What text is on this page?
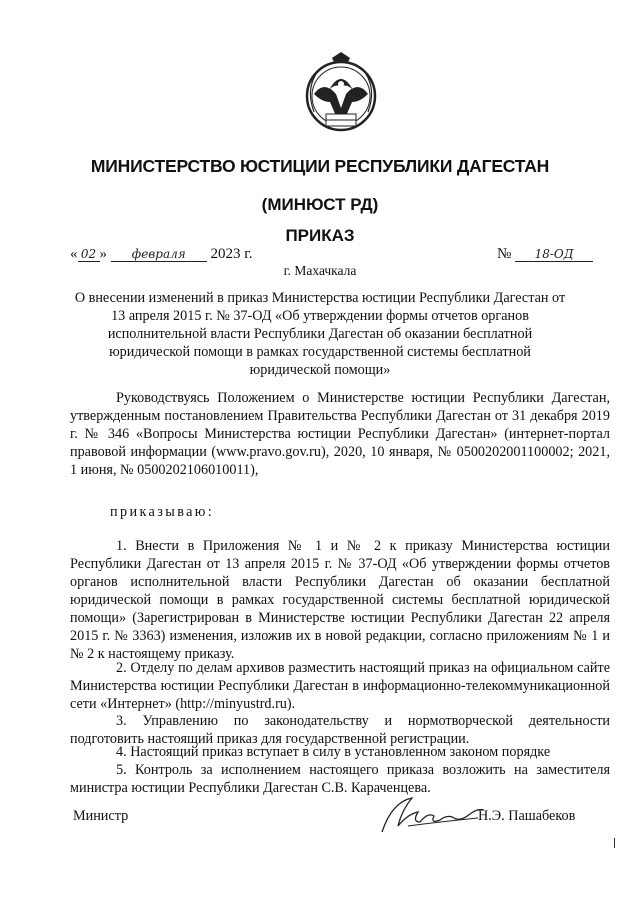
МИНИСТЕРСТВО ЮСТИЦИИ РЕСПУБЛИКИ ДАГЕСТАН
(МИНЮСТ РД)
ПРИКАЗ
« 02 » февраля 2023 г.	№ 18-ОД
г. Махачкала
О внесении изменений в приказ Министерства юстиции Республики Дагестан от 13 апреля 2015 г. № 37-ОД «Об утверждении формы отчетов органов исполнительной власти Республики Дагестан об оказании бесплатной юридической помощи в рамках государственной системы бесплатной юридической помощи»

Руководствуясь Положением о Министерстве юстиции Республики Дагестан, утвержденным постановлением Правительства Республики Дагестан от 31 декабря 2019 г. № 346 «Вопросы Министерства юстиции Республики Дагестан» (интернет-портал правовой информации (www.pravo.gov.ru), 2020, 10 января, № 0500202001100002; 2021, 1 июня, № 0500202106010011),

приказываю:

1. Внести в Приложения № 1 и № 2 к приказу Министерства юстиции Республики Дагестан от 13 апреля 2015 г. № 37-ОД «Об утверждении формы отчетов органов исполнительной власти Республики Дагестан об оказании бесплатной юридической помощи в рамках государственной системы бесплатной юридической помощи» (Зарегистрирован в Министерстве юстиции Республики Дагестан 22 апреля 2015 г. № 3363) изменения, изложив их в новой редакции, согласно приложениям № 1 и № 2 к настоящему приказу.

2. Отделу по делам архивов разместить настоящий приказ на официальном сайте Министерства юстиции Республики Дагестан в информационно-телекоммуникационной сети «Интернет» (http://minyustrd.ru).

3. Управлению по законодательству и нормотворческой деятельности подготовить настоящий приказ для государственной регистрации.

4. Настоящий приказ вступает в силу в установленном законом порядке

5. Контроль за исполнением настоящего приказа возложить на заместителя министра юстиции Республики Дагестан С.В. Караченцева.

Министр	Н.Э. Пашабеков
